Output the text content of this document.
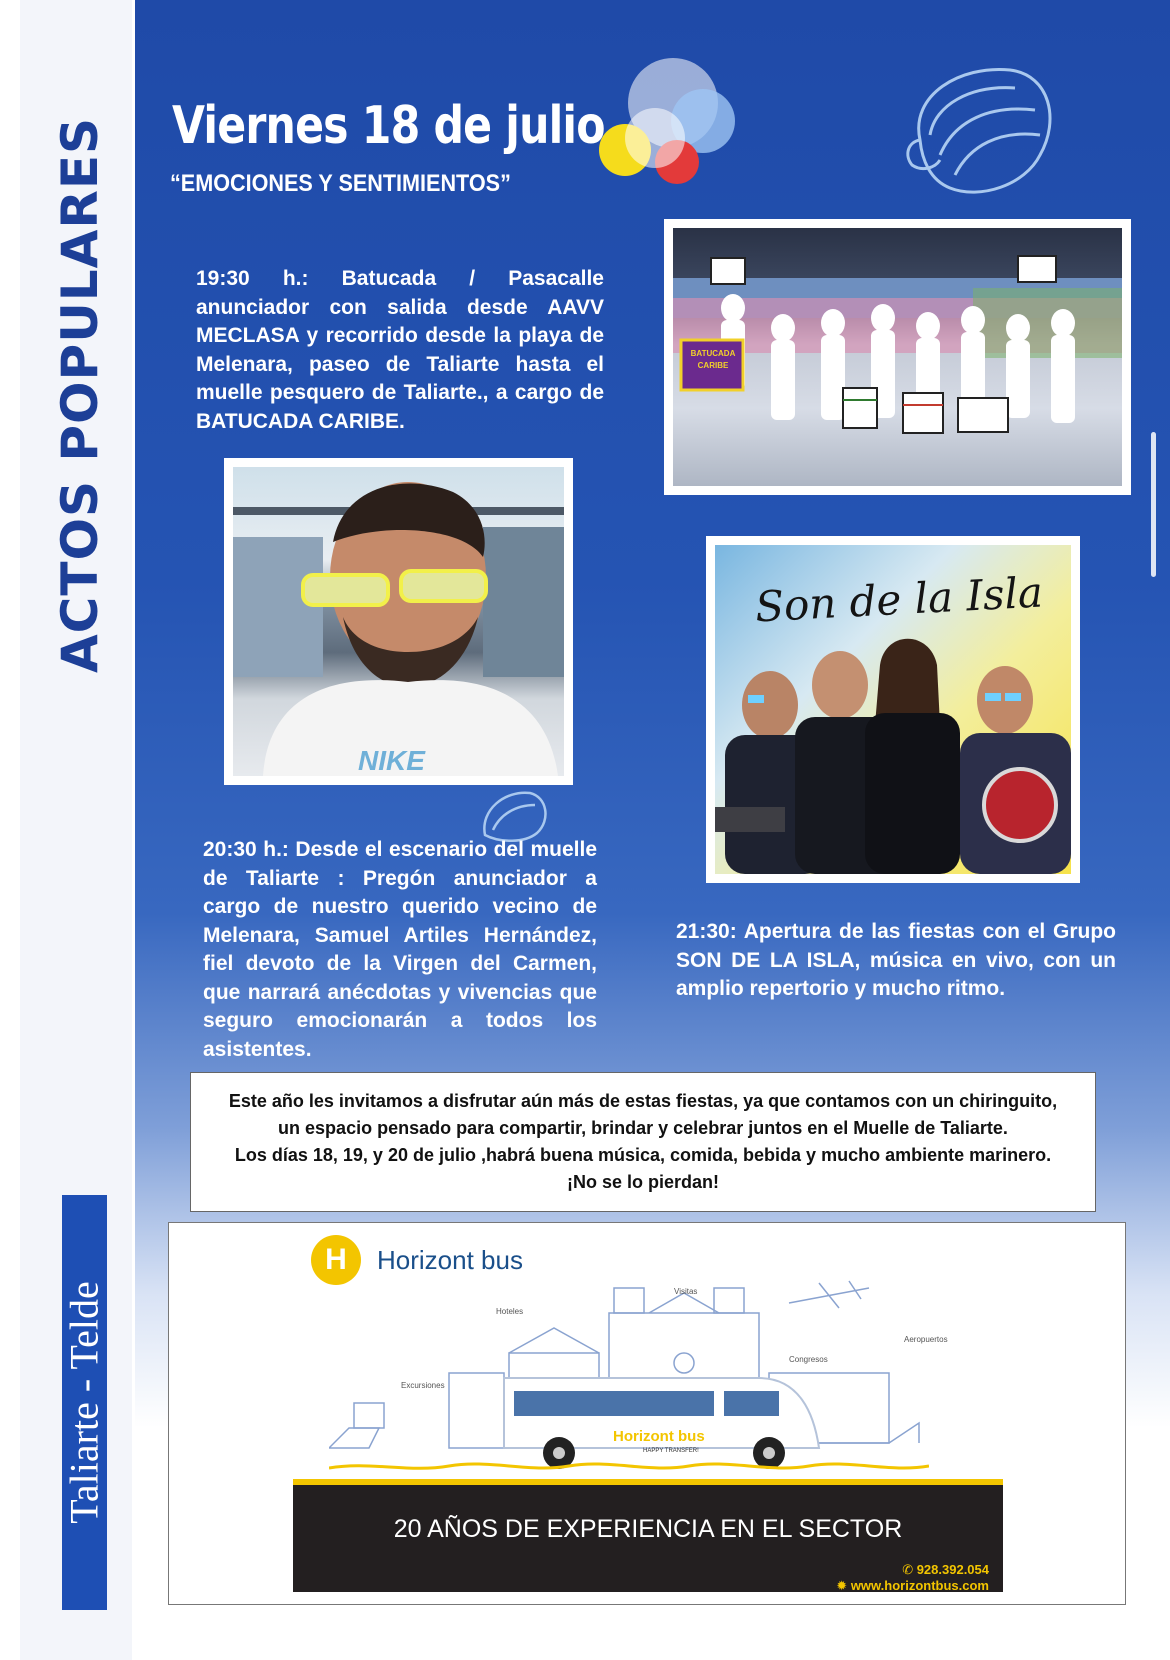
ACTOS POPULARES
Taliarte - Telde
Viernes 18 de julio
“EMOCIONES Y SENTIMIENTOS”
19:30 h.: Batucada / Pasacalle anunciador con salida desde AAVV MECLASA y recorrido desde la playa de Melenara, paseo de Taliarte hasta el muelle pesquero de Taliarte., a cargo de BATUCADA CARIBE.
BATUCADA CARIBE
NIKE
Son de la Isla
20:30 h.: Desde el escenario del muelle de Taliarte : Pregón anunciador a cargo de nuestro querido vecino de Melenara, Samuel Artiles Hernández, fiel devoto de la Virgen del Carmen, que narrará anécdotas y vivencias que seguro emocionarán a todos los asistentes.
21:30: Apertura de las fiestas con el Grupo SON DE LA ISLA, música en vivo, con un amplio repertorio y mucho ritmo.
Este año les invitamos a disfrutar aún más de estas fiestas, ya que contamos con un chiringuito,
un espacio pensado para compartir, brindar y celebrar juntos en el Muelle de Taliarte.
Los días 18, 19, y 20 de julio ,habrá buena música, comida, bebida y mucho ambiente marinero.
¡No se lo pierdan!
H	Horizont bus
Visitas
Hoteles
Aeropuertos
Congresos
Excursiones
Horizont bus
HAPPY TRANSFER!
20 AÑOS DE EXPERIENCIA EN EL SECTOR
✆ 928.392.054
✹ www.horizontbus.com
